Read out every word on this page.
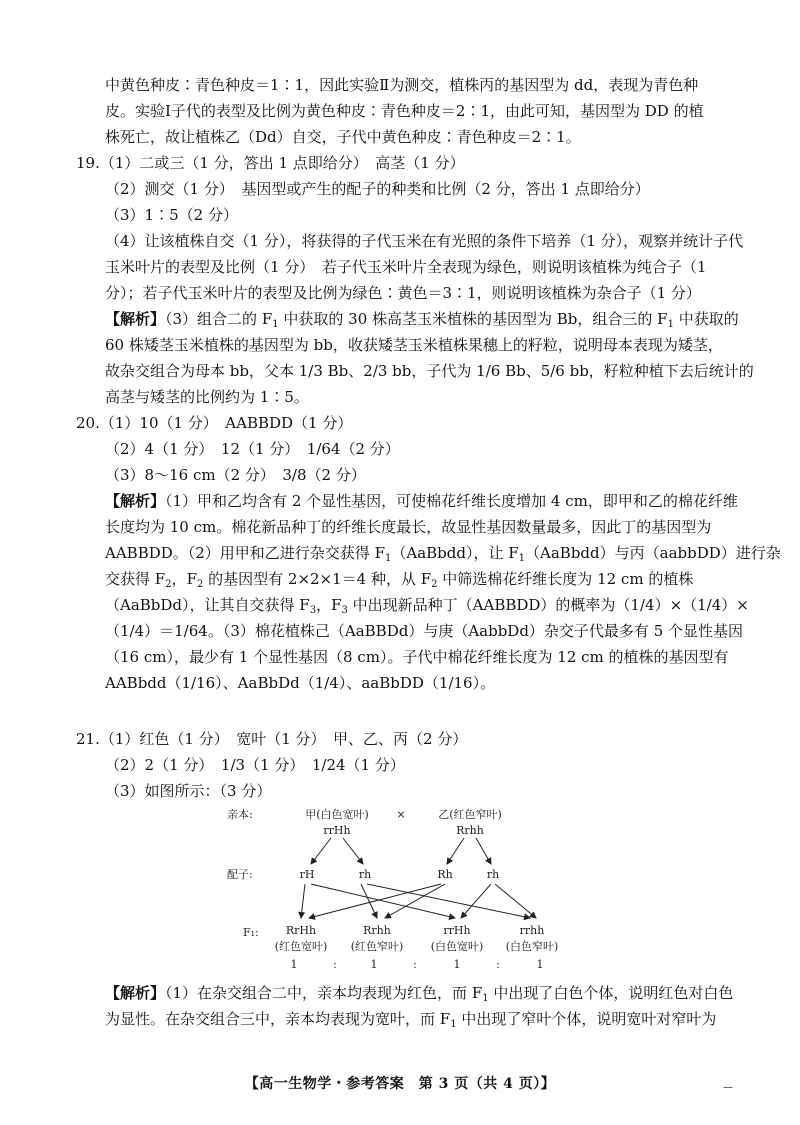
中黄色种皮∶青色种皮＝1∶1，因此实验Ⅱ为测交，植株丙的基因型为 dd，表现为青色种
皮。实验Ⅰ子代的表型及比例为黄色种皮∶青色种皮＝2∶1，由此可知，基因型为 DD 的植
株死亡，故让植株乙（Dd）自交，子代中黄色种皮∶青色种皮＝2∶1。
19.（1）二或三（1 分，答出 1 点即给分）　高茎（1 分）
（2）测交（1 分）　基因型或产生的配子的种类和比例（2 分，答出 1 点即给分）
（3）1∶5（2 分）
（4）让该植株自交（1 分），将获得的子代玉米在有光照的条件下培养（1 分），观察并统计子代
玉米叶片的表型及比例（1 分）　若子代玉米叶片全表现为绿色，则说明该植株为纯合子（1
分）；若子代玉米叶片的表型及比例为绿色∶黄色＝3∶1，则说明该植株为杂合子（1 分）
【解析】（3）组合二的 $F_1$ 中获取的 30 株高茎玉米植株的基因型为 Bb，组合三的 $F_1$ 中获取的
60 株矮茎玉米植株的基因型为 bb，收获矮茎玉米植株果穗上的籽粒，说明母本表现为矮茎，
故杂交组合为母本 bb，父本 1/3 Bb、2/3 bb，子代为 1/6 Bb、5/6 bb，籽粒种植下去后统计的
高茎与矮茎的比例约为 1∶5。
20.（1）10（1 分）　AABBDD（1 分）
（2）4（1 分）　12（1 分）　1/64（2 分）
（3）8～16 cm（2 分）　3/8（2 分）
【解析】（1）甲和乙均含有 2 个显性基因，可使棉花纤维长度增加 4 cm，即甲和乙的棉花纤维
长度均为 10 cm。棉花新品种丁的纤维长度最长，故显性基因数量最多，因此丁的基因型为
AABBDD。（2）用甲和乙进行杂交获得 $F_1(AaBbdd)$，让 $F_1(AaBbdd)$与丙（aabbDD）进行杂
交获得 $F_2$，$F_2$ 的基因型有 2×2×1＝4 种，从 $F_2$ 中筛选棉花纤维长度为 12 cm 的植株
（AaBbDd），让其自交获得 $F_3$，$F_3$ 中出现新品种丁（AABBDD）的概率为（1/4）×（1/4）×
（1/4）＝1/64。（3）棉花植株己（AaBBDd）与庚（AabbDd）杂交子代最多有 5 个显性基因
（16 cm），最少有 1 个显性基因（8 cm）。子代中棉花纤维长度为 12 cm 的植株的基因型有
AABbdd（1/16）、AaBbDd（1/4）、aaBbDD（1/16）。
21.（1）红色（1 分）　宽叶（1 分）　甲、乙、丙（2 分）
（2）2（1 分）　1/3（1 分）　1/24（1 分）
（3）如图所示：（3 分）
亲本:	甲(白色宽叶)
rrHh
×	乙(红色窄叶)
Rrhh
配子:	rH	rh	Rh	rh
F₁: RrHh
(红色宽叶)
Rrhh
(红色窄叶)
rrHh
(白色宽叶)
rrhh
(白色窄叶)
1	:	1	:	1	:	1
【解析】（1）在杂交组合二中，亲本均表现为红色，而 $F_1$ 中出现了白色个体，说明红色对白色
为显性。在杂交组合三中，亲本均表现为宽叶，而 $F_1$ 中出现了窄叶个体，说明宽叶对窄叶为
【高一生物学・参考答案　第 3 页（共 4 页）】	—
